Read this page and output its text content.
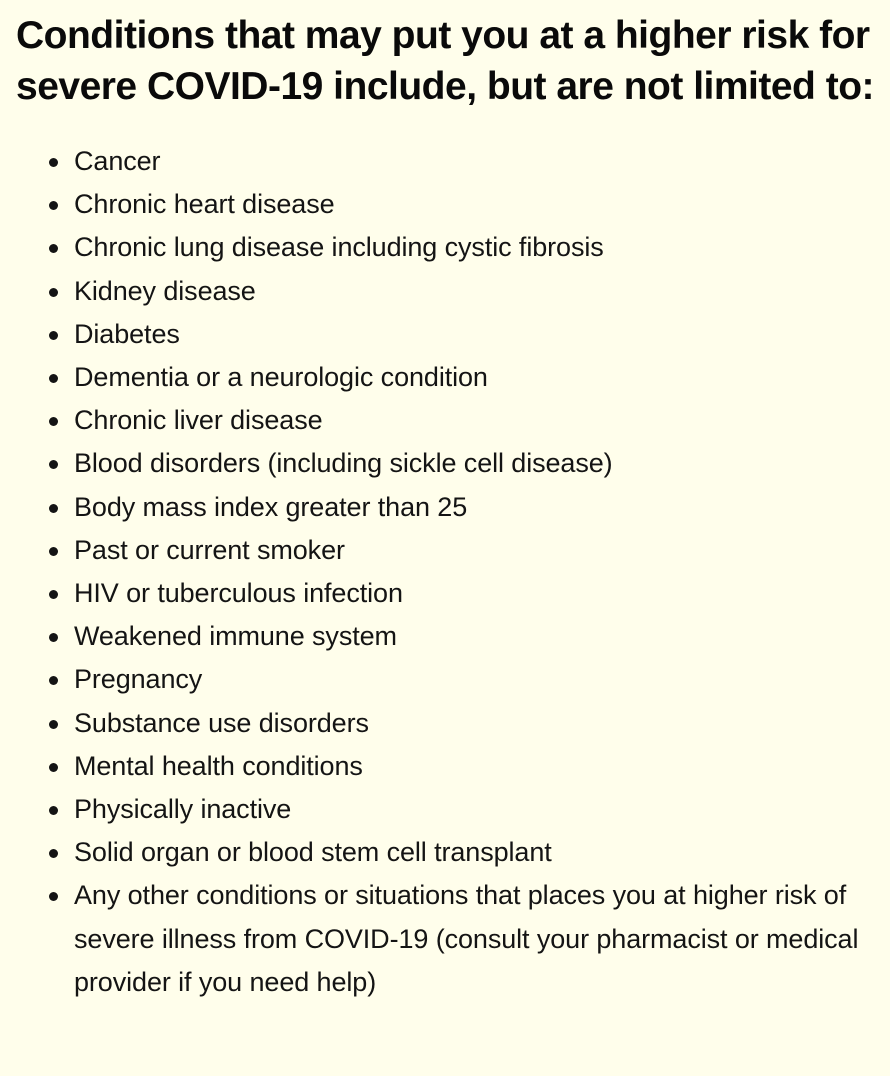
Conditions that may put you at a higher risk for severe COVID-19 include, but are not limited to:
Cancer
Chronic heart disease
Chronic lung disease including cystic fibrosis
Kidney disease
Diabetes
Dementia or a neurologic condition
Chronic liver disease
Blood disorders (including sickle cell disease)
Body mass index greater than 25
Past or current smoker
HIV or tuberculous infection
Weakened immune system
Pregnancy
Substance use disorders
Mental health conditions
Physically inactive
Solid organ or blood stem cell transplant
Any other conditions or situations that places you at higher risk of severe illness from COVID-19 (consult your pharmacist or medical provider if you need help)
